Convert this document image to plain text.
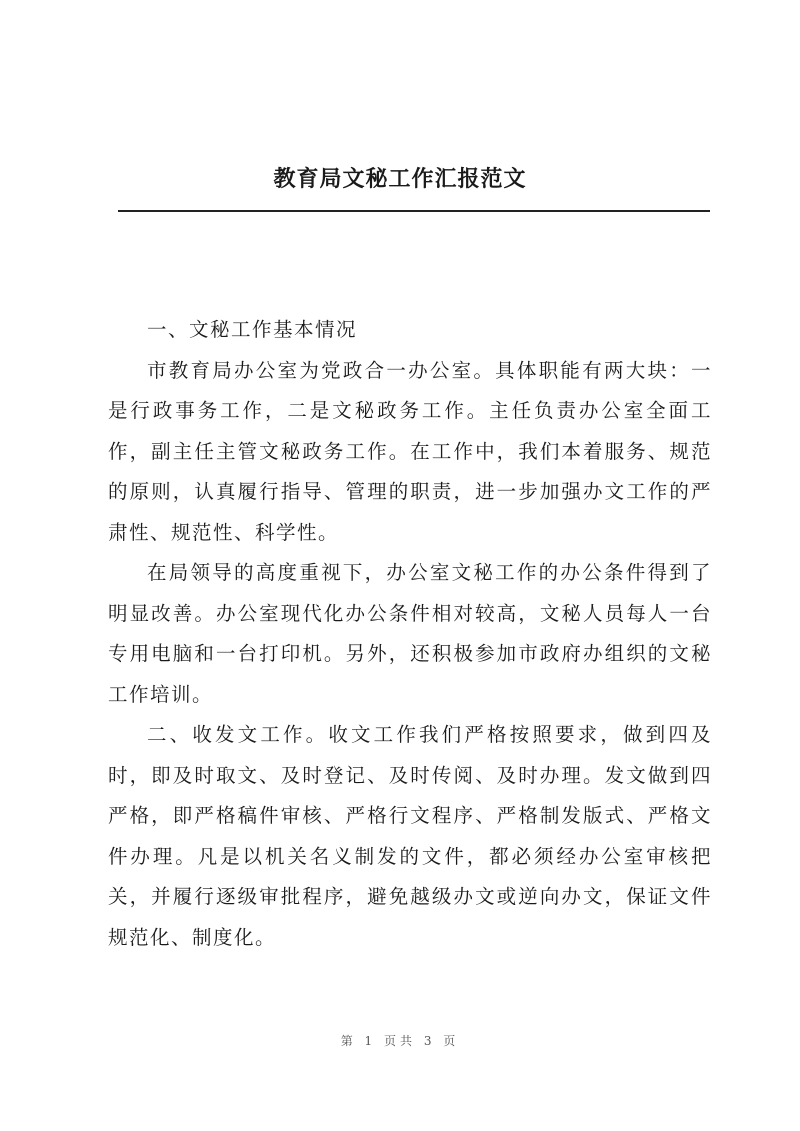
教育局文秘工作汇报范文

一、文秘工作基本情况

市教育局办公室为党政合一办公室。具体职能有两大块：一是行政事务工作，二是文秘政务工作。主任负责办公室全面工作，副主任主管文秘政务工作。在工作中，我们本着服务、规范的原则，认真履行指导、管理的职责，进一步加强办文工作的严肃性、规范性、科学性。

在局领导的高度重视下，办公室文秘工作的办公条件得到了明显改善。办公室现代化办公条件相对较高，文秘人员每人一台专用电脑和一台打印机。另外，还积极参加市政府办组织的文秘工作培训。

二、收发文工作。收文工作我们严格按照要求，做到四及时，即及时取文、及时登记、及时传阅、及时办理。发文做到四严格，即严格稿件审核、严格行文程序、严格制发版式、严格文件办理。凡是以机关名义制发的文件，都必须经办公室审核把关，并履行逐级审批程序，避免越级办文或逆向办文，保证文件规范化、制度化。

第 1 页共 3 页
